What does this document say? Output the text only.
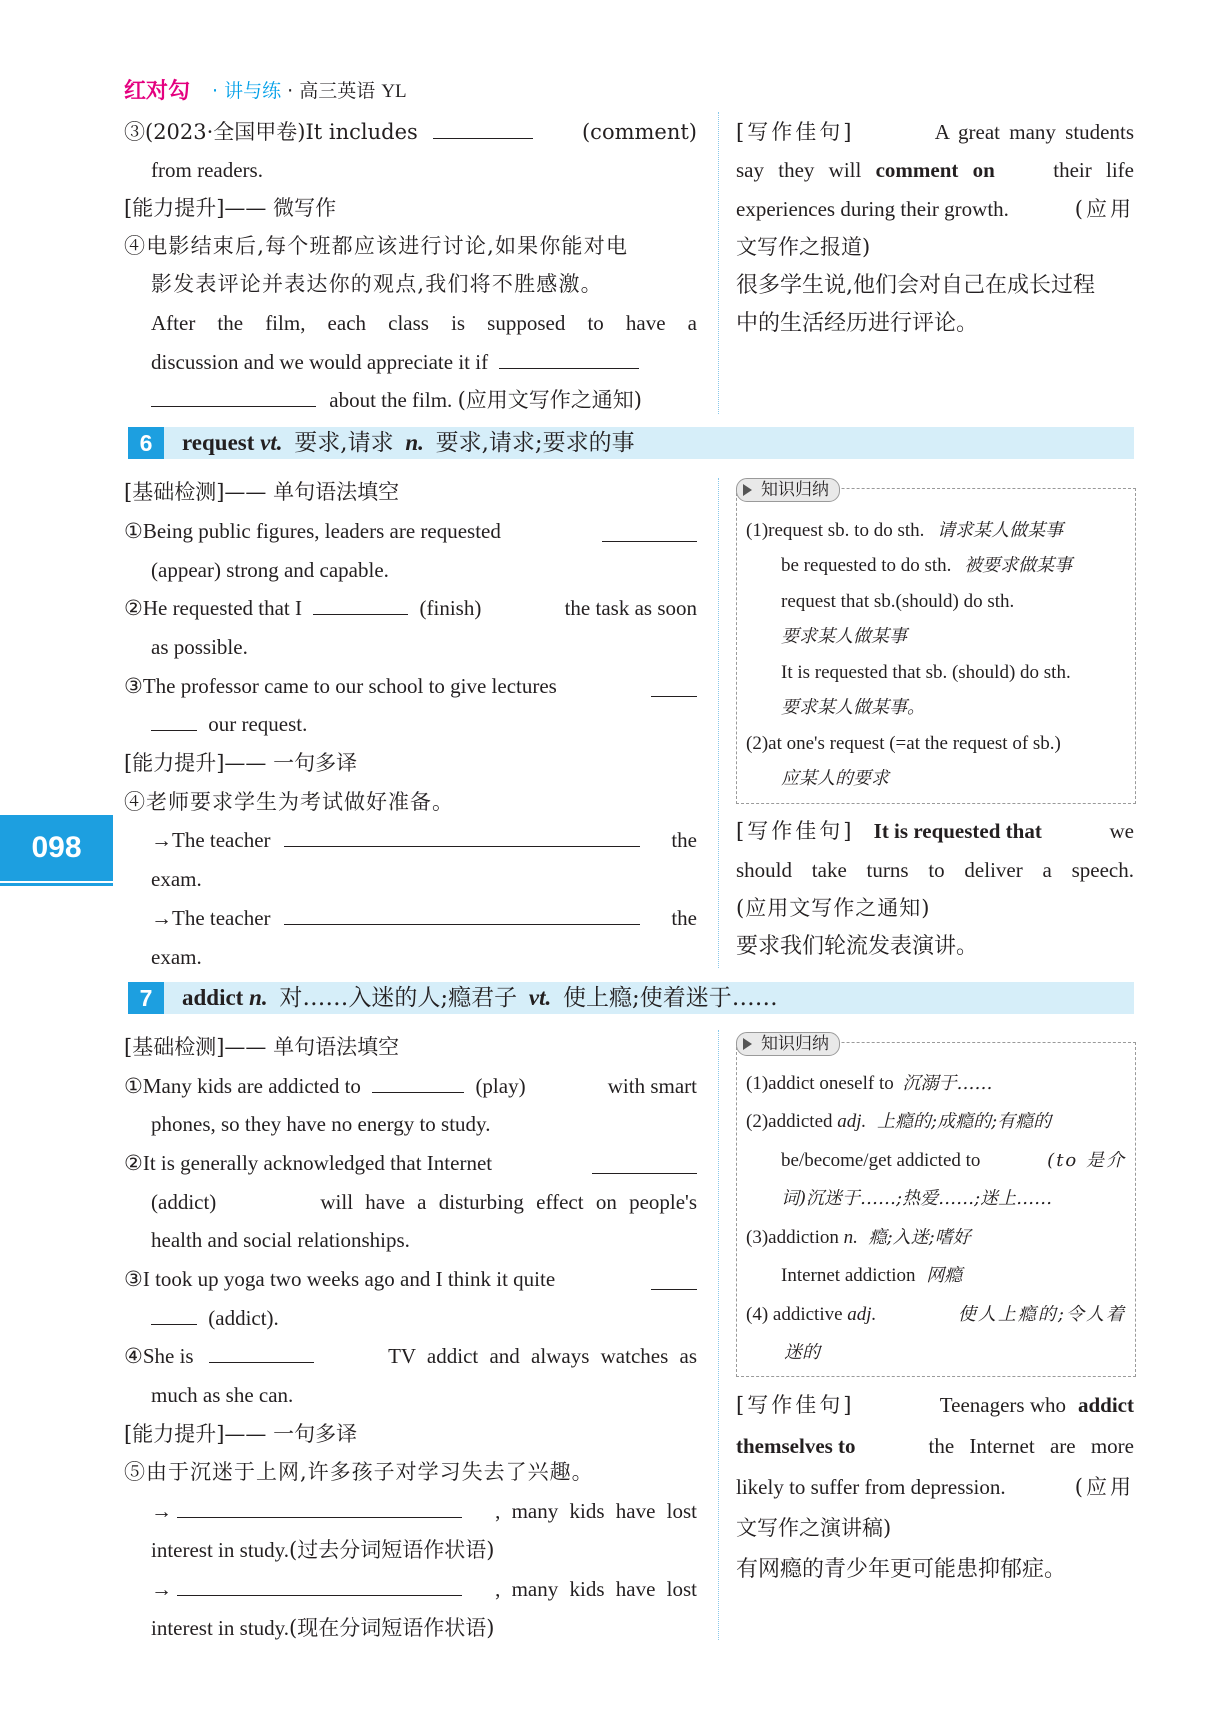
红对勾 · 讲与练 · 高三英语 YL
③(2023·全国甲卷)It includes	(comment)
from readers.
[能力提升]—— 微写作
④电影结束后,每个班都应该进行讨论,如果你能对电
影发表评论并表达你的观点,我们将不胜感激。
After the film, each class is supposed to have a
discussion and we would appreciate it if
about the film. (应用文写作之通知)
6	request vt. 要求,请求 n. 要求,请求;要求的事
[基础检测]—— 单句语法填空
①Being public figures, leaders are requested
(appear) strong and capable.
②He requested that I	(finish)	the task as soon
as possible.
③The professor came to our school to give lectures
our request.
[能力提升]—— 一句多译
④老师要求学生为考试做好准备。
→The teacher	the
exam.
→The teacher	the
exam.
7	addict n. 对……入迷的人;瘾君子 vt. 使上瘾;使着迷于……
[基础检测]—— 单句语法填空
①Many kids are addicted to	(play)	with smart
phones, so they have no energy to study.
②It is generally acknowledged that Internet
(addict)	will have a disturbing effect on people's
health and social relationships.
③I took up yoga two weeks ago and I think it quite
(addict).
④She is	TV addict and always watches as
much as she can.
[能力提升]—— 一句多译
⑤由于沉迷于上网,许多孩子对学习失去了兴趣。
→	, many kids have lost
interest in study.(过去分词短语作状语)
→	, many kids have lost
interest in study.(现在分词短语作状语)
098
[写作佳句]	A great many students
say they will comment on	their life
experiences during their growth.	(应用
文写作之报道)
很多学生说,他们会对自己在成长过程
中的生活经历进行评论。
知识归纳
(1)request sb. to do sth. 请求某人做某事
be requested to do sth. 被要求做某事
request that sb.(should) do sth.
要求某人做某事
It is requested that sb. (should) do sth.
要求某人做某事。
(2)at one's request (=at the request of sb.)
应某人的要求
[写作佳句] It is requested that	we
should take turns to deliver a speech.
(应用文写作之通知)
要求我们轮流发表演讲。
知识归纳
(1)addict oneself to 沉溺于……
(2)addicted adj. 上瘾的;成瘾的;有瘾的
be/become/get addicted to	(to 是介
词)沉迷于……;热爱……;迷上……
(3)addiction n. 瘾;入迷;嗜好
Internet addiction 网瘾
(4) addictive adj.	使人上瘾的;令人着
迷的
[写作佳句]	Teenagers who addict
themselves to	the Internet are more
likely to suffer from depression.	(应用
文写作之演讲稿)
有网瘾的青少年更可能患抑郁症。
